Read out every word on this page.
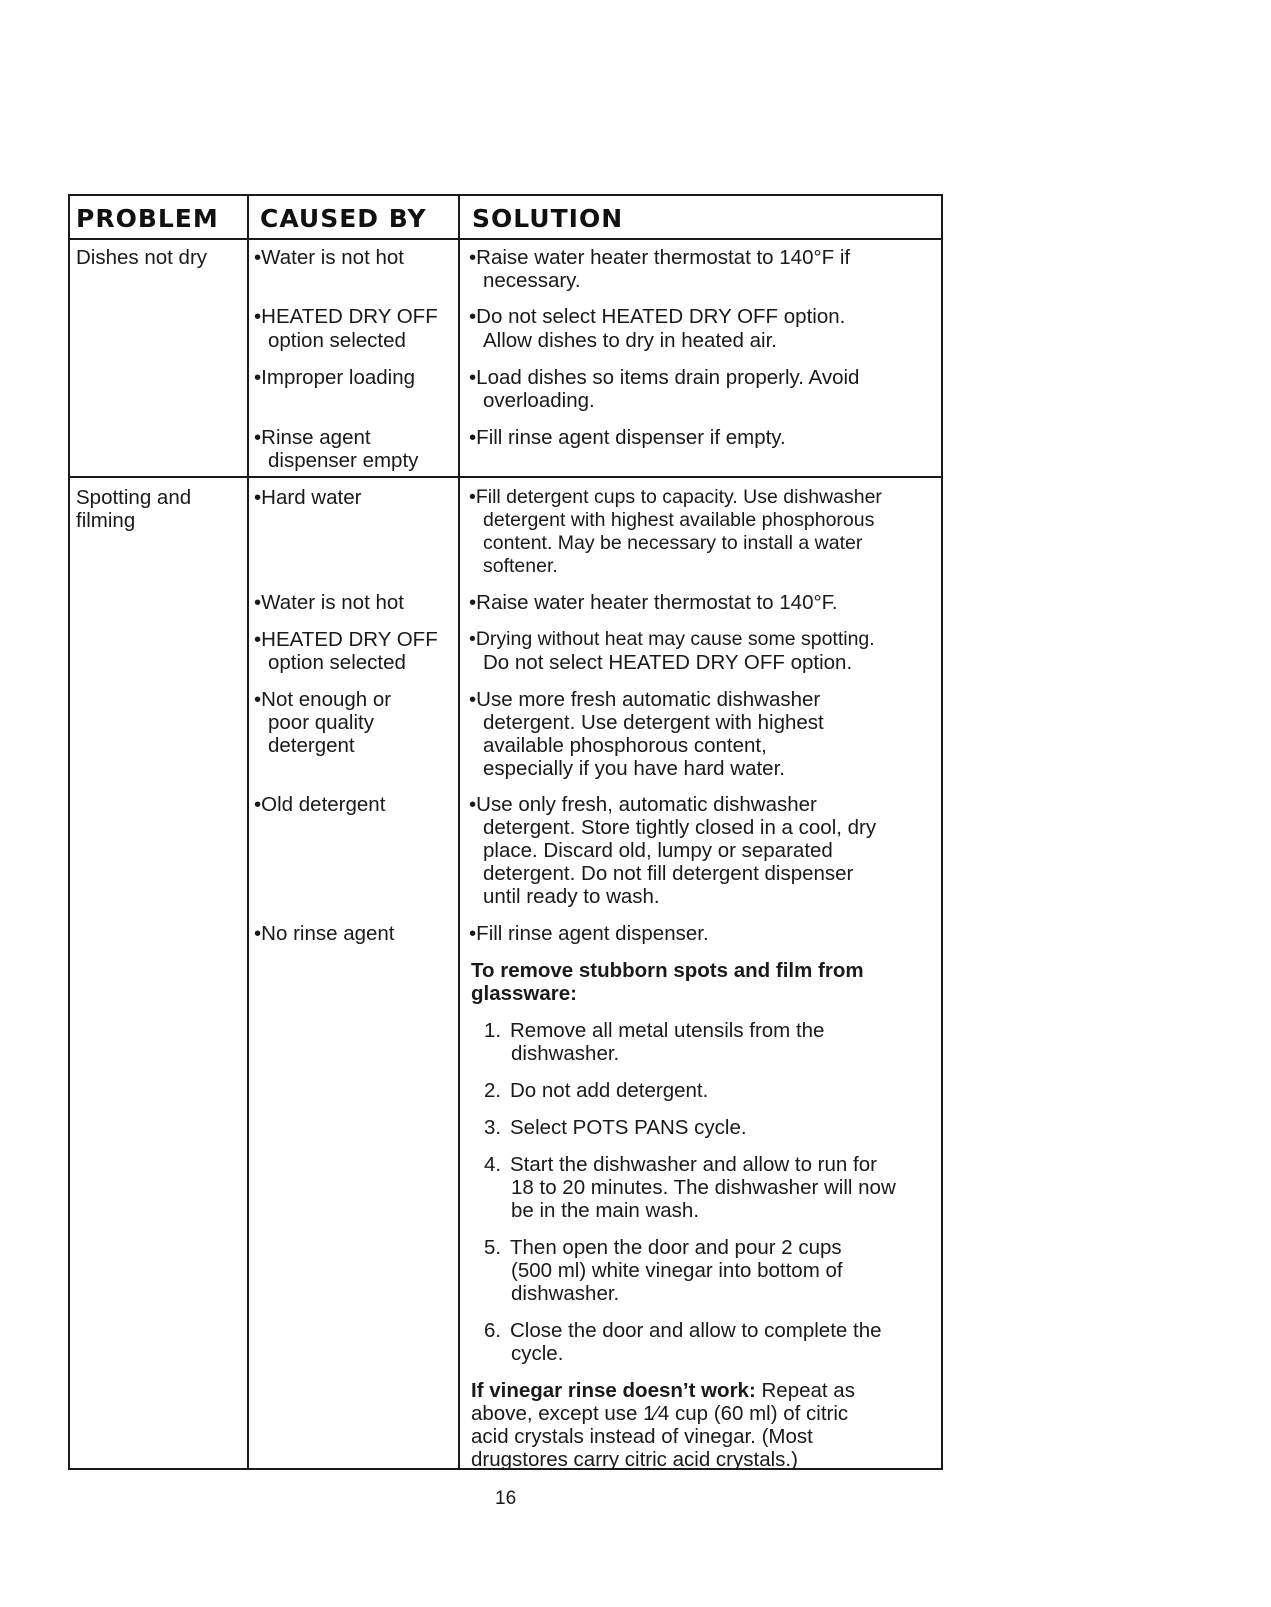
PROBLEM CAUSED BY SOLUTION
Dishes not dry
Spotting and
filming
•Water is not hot
•HEATED DRY OFF
option selected
•Improper loading
•Rinse agent
dispenser empty
•Hard water
•Water is not hot
•HEATED DRY OFF
option selected
•Not enough or
poor quality
detergent
•Old detergent
•No rinse agent
•Raise water heater thermostat to 140°F if
necessary.
•Do not select HEATED DRY OFF option.
Allow dishes to dry in heated air.
•Load dishes so items drain properly. Avoid
overloading.
•Fill rinse agent dispenser if empty.
•Fill detergent cups to capacity. Use dishwasher
detergent with highest available phosphorous
content. May be necessary to install a water
softener.
•Raise water heater thermostat to 140°F.
•Drying without heat may cause some spotting.
Do not select HEATED DRY OFF option.
•Use more fresh automatic dishwasher
detergent. Use detergent with highest
available phosphorous content,
especially if you have hard water.
•Use only fresh, automatic dishwasher
detergent. Store tightly closed in a cool, dry
place. Discard old, lumpy or separated
detergent. Do not fill detergent dispenser
until ready to wash.
•Fill rinse agent dispenser.
To remove stubborn spots and film from
glassware:
1. Remove all metal utensils from the
dishwasher.
2. Do not add detergent.
3. Select POTS PANS cycle.
4. Start the dishwasher and allow to run for
18 to 20 minutes. The dishwasher will now
be in the main wash.
5. Then open the door and pour 2 cups
(500 ml) white vinegar into bottom of
dishwasher.
6. Close the door and allow to complete the
cycle.
If vinegar rinse doesn’t work: Repeat as
above, except use 1⁄4 cup (60 ml) of citric
acid crystals instead of vinegar. (Most
drugstores carry citric acid crystals.)
16
